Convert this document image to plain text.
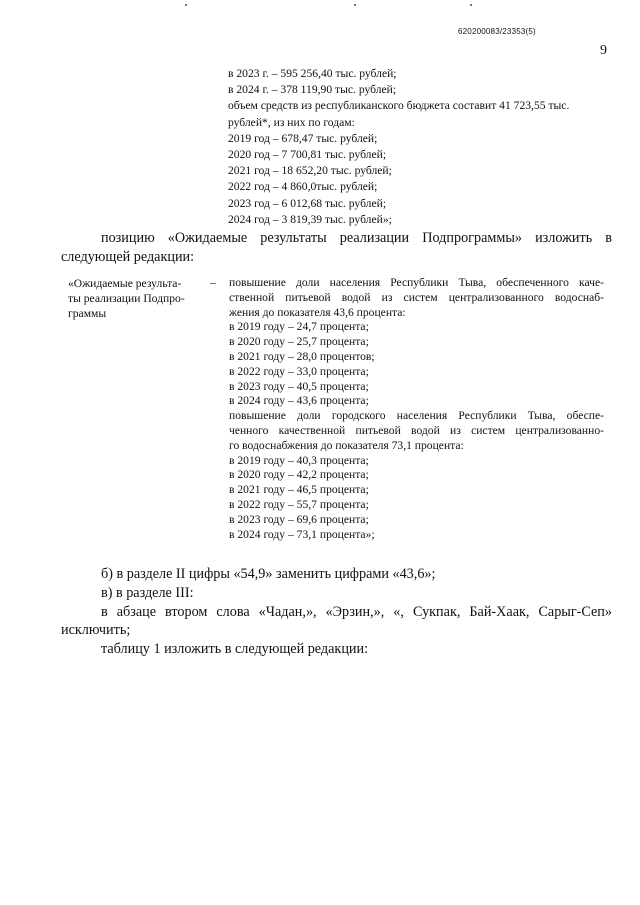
620200083/23353(5)
9
в 2023 г. – 595 256,40 тыс. рублей;
в 2024 г. – 378 119,90 тыс. рублей;
объем средств из республиканского бюджета составит 41 723,55 тыс.
рублей*, из них по годам:
2019 год – 678,47 тыс. рублей;
2020 год – 7 700,81 тыс. рублей;
2021 год – 18 652,20 тыс. рублей;
2022 год – 4 860,0тыс. рублей;
2023 год – 6 012,68 тыс. рублей;
2024 год – 3 819,39 тыс. рублей»;
позицию «Ожидаемые результаты реализации Подпрограммы» изложить в
следующей редакции:
«Ожидаемые результа-
ты реализации Подпро-
граммы
– повышение доли населения Республики Тыва, обеспеченного каче-
ственной питьевой водой из систем централизованного водоснаб-
жения до показателя 43,6 процента:
в 2019 году – 24,7 процента;
в 2020 году – 25,7 процента;
в 2021 году – 28,0 процентов;
в 2022 году – 33,0 процента;
в 2023 году – 40,5 процента;
в 2024 году – 43,6 процента;
повышение доли городского населения Республики Тыва, обеспе-
ченного качественной питьевой водой из систем централизованно-
го водоснабжения до показателя 73,1 процента:
в 2019 году – 40,3 процента;
в 2020 году – 42,2 процента;
в 2021 году – 46,5 процента;
в 2022 году – 55,7 процента;
в 2023 году – 69,6 процента;
в 2024 году – 73,1 процента»;
б) в разделе II цифры «54,9» заменить цифрами «43,6»;
в) в разделе III:
в абзаце втором слова «Чадан,», «Эрзин,», «, Сукпак, Бай-Хаак, Сарыг-Сеп»
исключить;
таблицу 1 изложить в следующей редакции:
